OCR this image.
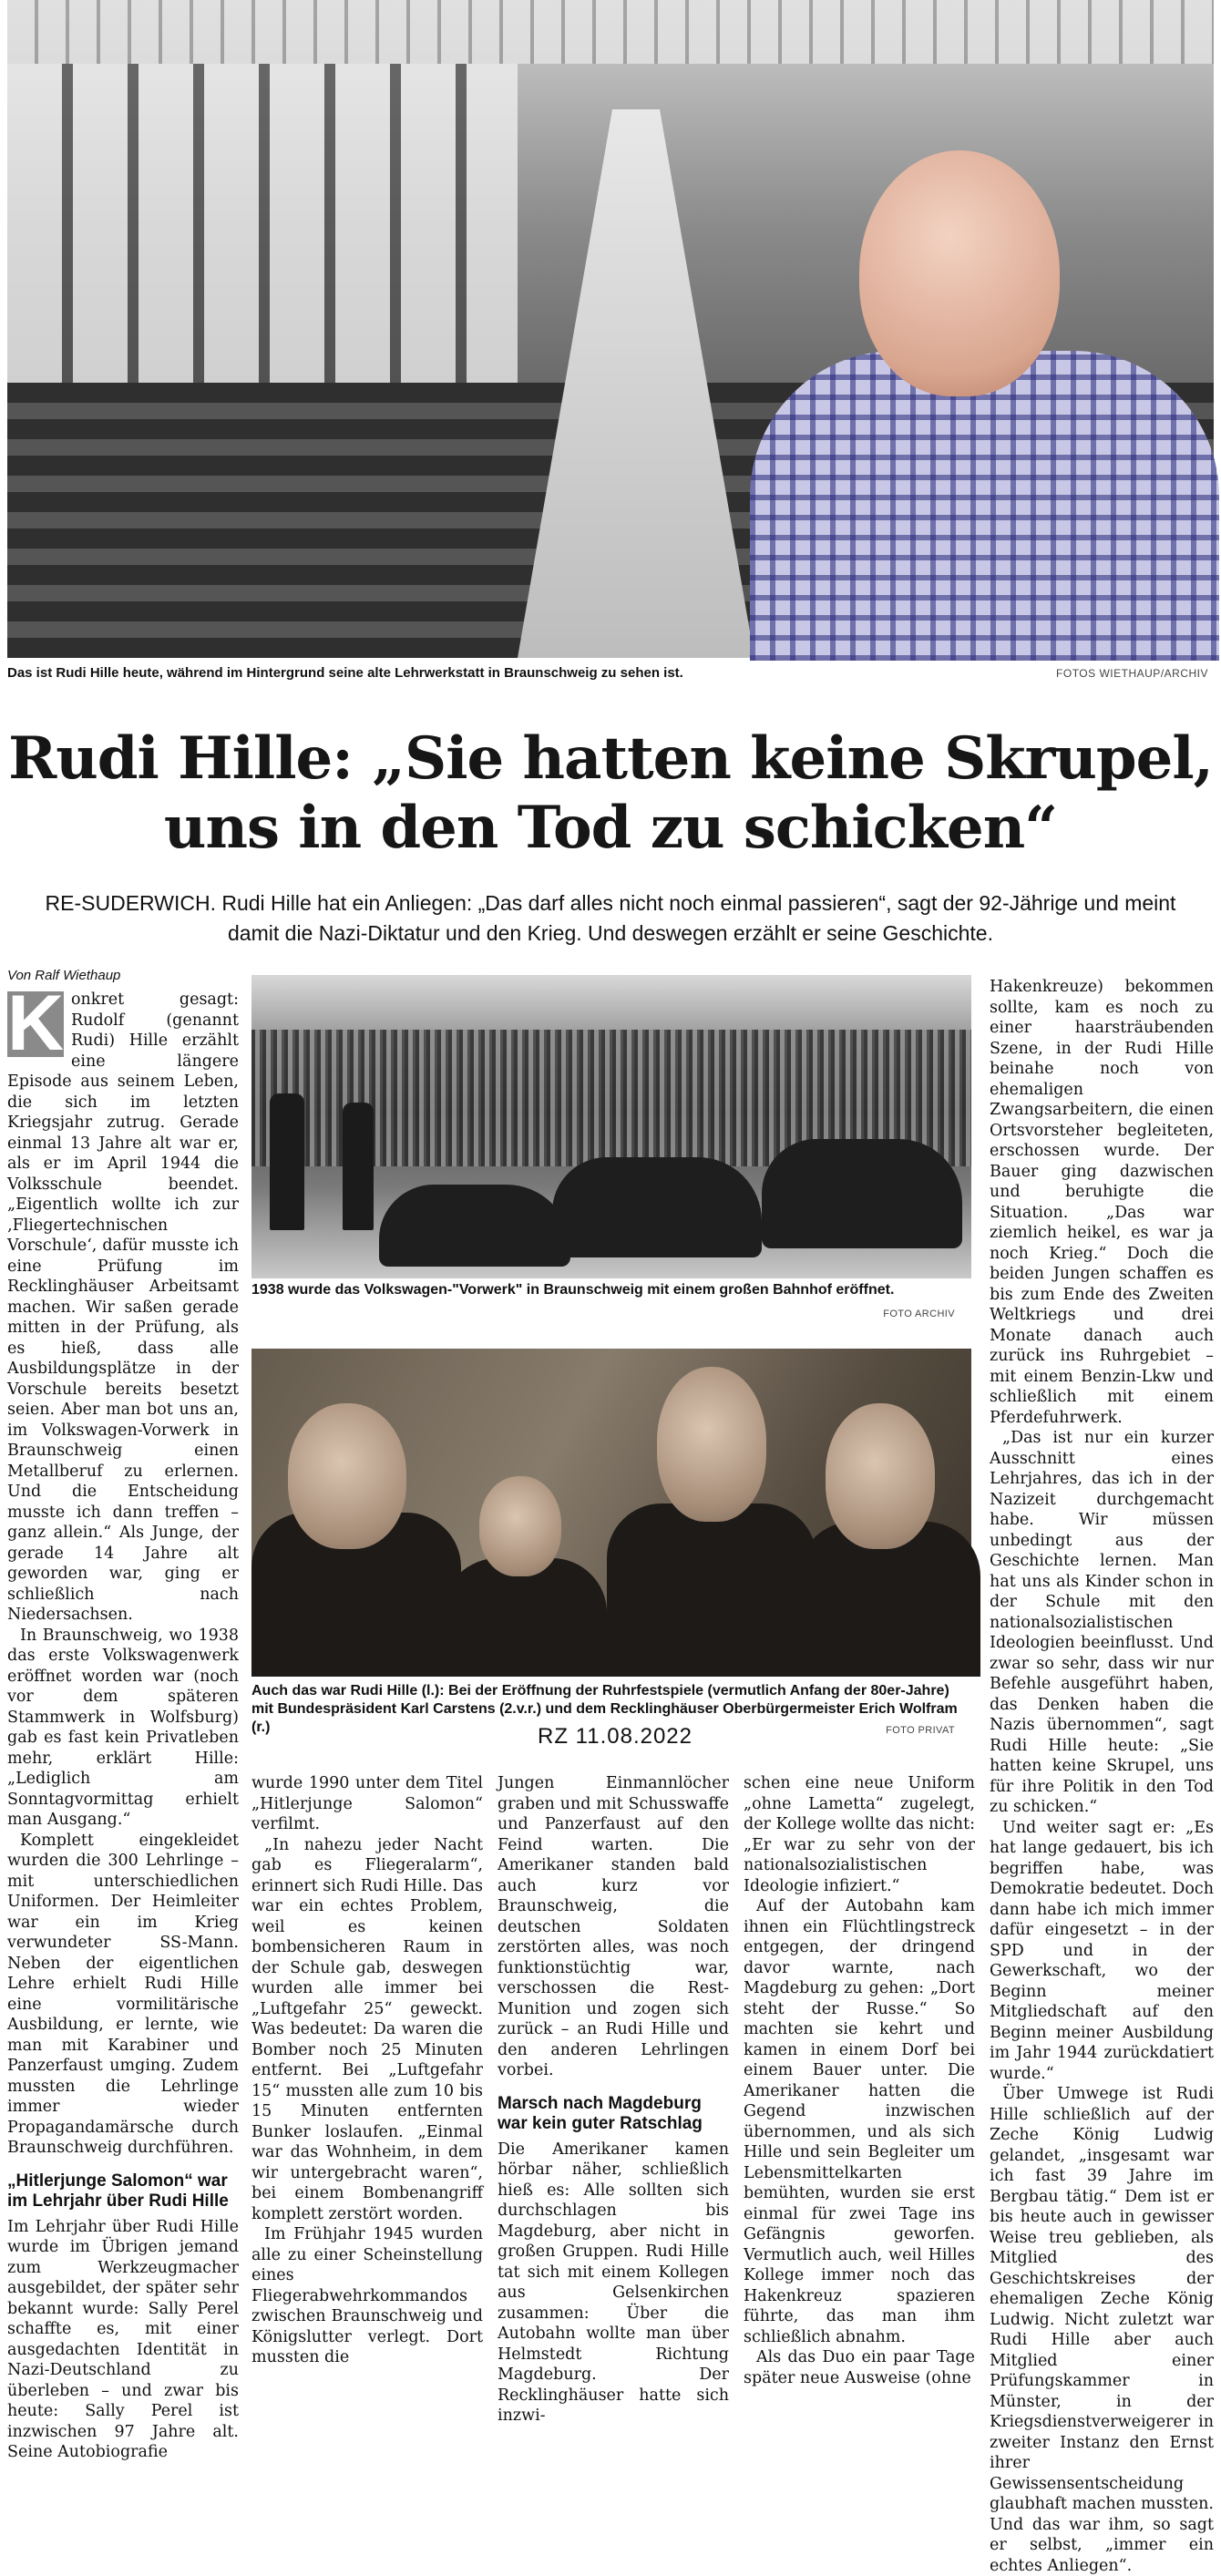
Das ist Rudi Hille heute, während im Hintergrund seine alte Lehrwerkstatt in Braunschweig zu sehen ist.	FOTOS WIETHAUP/ARCHIV
Rudi Hille: „Sie hatten keine Skrupel,
uns in den Tod zu schicken“
RE-SUDERWICH. Rudi Hille hat ein Anliegen: „Das darf alles nicht noch einmal passieren“, sagt der 92-Jährige und meint damit die Nazi-Diktatur und den Krieg. Und deswegen erzählt er seine Geschichte.
Von Ralf Wiethaup

K onkret gesagt: Rudolf (genannt Rudi) Hille erzählt eine längere Episode aus seinem Leben, die sich im letzten Kriegsjahr zutrug. Gerade einmal 13 Jahre alt war er, als er im April 1944 die Volksschule beendet. „Eigentlich wollte ich zur ‚Fliegertechnischen Vorschule‘, dafür musste ich eine Prüfung im Recklinghäuser Arbeitsamt machen. Wir saßen gerade mitten in der Prüfung, als es hieß, dass alle Ausbildungsplätze in der Vorschule bereits besetzt seien. Aber man bot uns an, im Volkswagen-Vorwerk in Braunschweig einen Metallberuf zu erlernen. Und die Entscheidung musste ich dann treffen – ganz allein.“ Als Junge, der gerade 14 Jahre alt geworden war, ging er schließlich nach Niedersachsen.

In Braunschweig, wo 1938 das erste Volkswagenwerk eröffnet worden war (noch vor dem späteren Stammwerk in Wolfsburg) gab es fast kein Privatleben mehr, erklärt Hille: „Lediglich am Sonntagvormittag erhielt man Ausgang.“

Komplett eingekleidet wurden die 300 Lehrlinge – mit unterschiedlichen Uniformen. Der Heimleiter war ein im Krieg verwundeter SS-Mann. Neben der eigentlichen Lehre erhielt Rudi Hille eine vormilitärische Ausbildung, er lernte, wie man mit Karabiner und Panzerfaust umging. Zudem mussten die Lehrlinge immer wieder Propagandamärsche durch Braunschweig durchführen.

„Hitlerjunge Salomon“ war im Lehrjahr über Rudi Hille

Im Lehrjahr über Rudi Hille wurde im Übrigen jemand zum Werkzeugmacher ausgebildet, der später sehr bekannt wurde: Sally Perel schaffte es, mit einer ausgedachten Identität in Nazi-Deutschland zu überleben – und zwar bis heute: Sally Perel ist inzwischen 97 Jahre alt. Seine Autobiografie

1938 wurde das Volkswagen-"Vorwerk" in Braunschweig mit einem großen Bahnhof eröffnet.
FOTO ARCHIV
Auch das war Rudi Hille (l.): Bei der Eröffnung der Ruhrfestspiele (vermutlich Anfang der 80er-Jahre) mit Bundespräsident Karl Carstens (2.v.r.) und dem Recklinghäuser Oberbürgermeister Erich Wolfram (r.)	FOTO PRIVAT
RZ 11.08.2022

wurde 1990 unter dem Titel „Hitlerjunge Salomon“ verfilmt.

„In nahezu jeder Nacht gab es Fliegeralarm“, erinnert sich Rudi Hille. Das war ein echtes Problem, weil es keinen bombensicheren Raum in der Schule gab, deswegen wurden alle immer bei „Luftgefahr 25“ geweckt. Was bedeutet: Da waren die Bomber noch 25 Minuten entfernt. Bei „Luftgefahr 15“ mussten alle zum 10 bis 15 Minuten entfernten Bunker loslaufen. „Einmal war das Wohnheim, in dem wir untergebracht waren“, bei einem Bombenangriff komplett zerstört worden.

Im Frühjahr 1945 wurden alle zu einer Scheinstellung eines Fliegerabwehrkommandos zwischen Braunschweig und Königslutter verlegt. Dort mussten die

Jungen Einmannlöcher graben und mit Schusswaffe und Panzerfaust auf den Feind warten. Die Amerikaner standen bald auch kurz vor Braunschweig, die deutschen Soldaten zerstörten alles, was noch funktionstüchtig war, verschossen die Rest-Munition und zogen sich zurück – an Rudi Hille und den anderen Lehrlingen vorbei.

Marsch nach Magdeburg war kein guter Ratschlag

Die Amerikaner kamen hörbar näher, schließlich hieß es: Alle sollten sich durchschlagen bis Magdeburg, aber nicht in großen Gruppen. Rudi Hille tat sich mit einem Kollegen aus Gelsenkirchen zusammen: Über die Autobahn wollte man über Helmstedt Richtung Magdeburg. Der Recklinghäuser hatte sich inzwi-

schen eine neue Uniform „ohne Lametta“ zugelegt, der Kollege wollte das nicht: „Er war zu sehr von der nationalsozialistischen Ideologie infiziert.“

Auf der Autobahn kam ihnen ein Flüchtlingstreck entgegen, der dringend davor warnte, nach Magdeburg zu gehen: „Dort steht der Russe.“ So machten sie kehrt und kamen in einem Dorf bei einem Bauer unter. Die Amerikaner hatten die Gegend inzwischen übernommen, und als sich Hille und sein Begleiter um Lebensmittelkarten bemühten, wurden sie erst einmal für zwei Tage ins Gefängnis geworfen. Vermutlich auch, weil Hilles Kollege immer noch das Hakenkreuz spazieren führte, das man ihm schließlich abnahm.

Als das Duo ein paar Tage später neue Ausweise (ohne

Hakenkreuze) bekommen sollte, kam es noch zu einer haarsträubenden Szene, in der Rudi Hille beinahe noch von ehemaligen Zwangsarbeitern, die einen Ortsvorsteher begleiteten, erschossen wurde. Der Bauer ging dazwischen und beruhigte die Situation. „Das war ziemlich heikel, es war ja noch Krieg.“ Doch die beiden Jungen schaffen es bis zum Ende des Zweiten Weltkriegs und drei Monate danach auch zurück ins Ruhrgebiet – mit einem Benzin-Lkw und schließlich mit einem Pferdefuhrwerk.

„Das ist nur ein kurzer Ausschnitt eines Lehrjahres, das ich in der Nazizeit durchgemacht habe. Wir müssen unbedingt aus der Geschichte lernen. Man hat uns als Kinder schon in der Schule mit den nationalsozialistischen Ideologien beeinflusst. Und zwar so sehr, dass wir nur Befehle ausgeführt haben, das Denken haben die Nazis übernommen“, sagt Rudi Hille heute: „Sie hatten keine Skrupel, uns für ihre Politik in den Tod zu schicken.“

Und weiter sagt er: „Es hat lange gedauert, bis ich begriffen habe, was Demokratie bedeutet. Doch dann habe ich mich immer dafür eingesetzt – in der SPD und in der Gewerkschaft, wo der Beginn meiner Mitgliedschaft auf den Beginn meiner Ausbildung im Jahr 1944 zurückdatiert wurde.“

Über Umwege ist Rudi Hille schließlich auf der Zeche König Ludwig gelandet, „insgesamt war ich fast 39 Jahre im Bergbau tätig.“ Dem ist er bis heute auch in gewisser Weise treu geblieben, als Mitglied des Geschichtskreises der ehemaligen Zeche König Ludwig. Nicht zuletzt war Rudi Hille aber auch Mitglied einer Prüfungskammer in Münster, in der Kriegsdienstverweigerer in zweiter Instanz den Ernst ihrer Gewissensentscheidung glaubhaft machen mussten. Und das war ihm, so sagt er selbst, „immer ein echtes Anliegen“.
